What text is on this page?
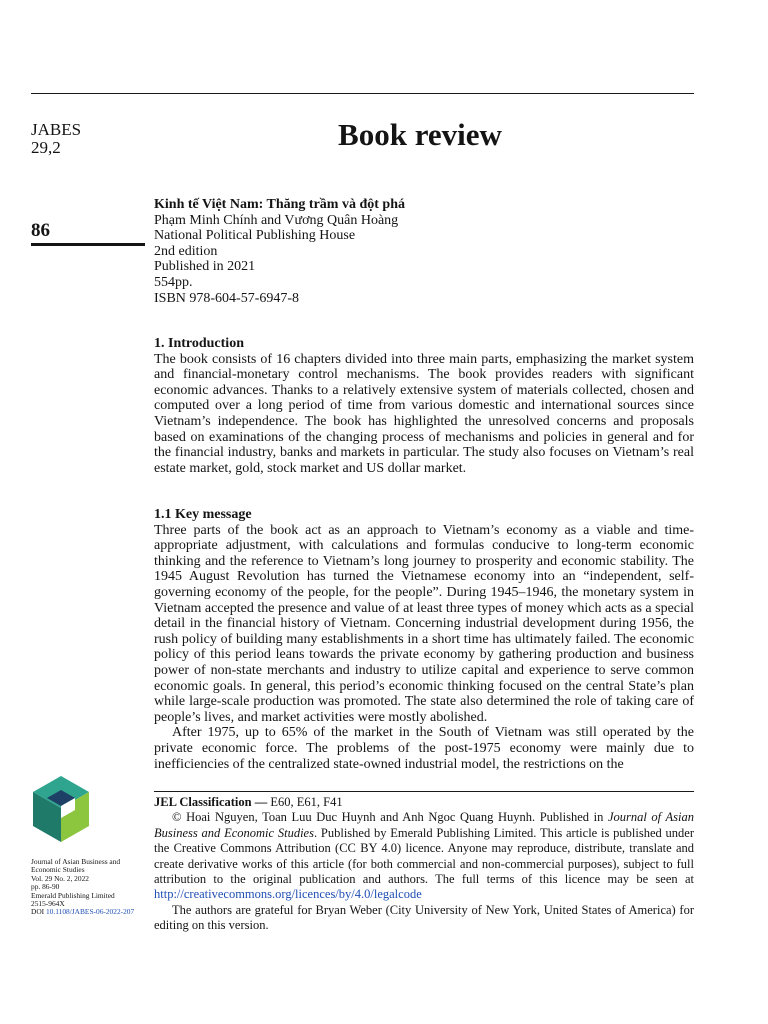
JABES
29,2	Book review
86
Kinh tế Việt Nam: Thăng trầm và đột phá
Phạm Minh Chính and Vương Quân Hoàng
National Political Publishing House
2nd edition
Published in 2021
554pp.
ISBN 978-604-57-6947-8

1. Introduction

The book consists of 16 chapters divided into three main parts, emphasizing the market system and financial-monetary control mechanisms. The book provides readers with significant economic advances. Thanks to a relatively extensive system of materials collected, chosen and computed over a long period of time from various domestic and international sources since Vietnam’s independence. The book has highlighted the unresolved concerns and proposals based on examinations of the changing process of mechanisms and policies in general and for the financial industry, banks and markets in particular. The study also focuses on Vietnam’s real estate market, gold, stock market and US dollar market.

1.1 Key message

Three parts of the book act as an approach to Vietnam’s economy as a viable and time-appropriate adjustment, with calculations and formulas conducive to long-term economic thinking and the reference to Vietnam’s long journey to prosperity and economic stability. The 1945 August Revolution has turned the Vietnamese economy into an “independent, self-governing economy of the people, for the people”. During 1945–1946, the monetary system in Vietnam accepted the presence and value of at least three types of money which acts as a special detail in the financial history of Vietnam. Concerning industrial development during 1956, the rush policy of building many establishments in a short time has ultimately failed. The economic policy of this period leans towards the private economy by gathering production and business power of non-state merchants and industry to utilize capital and experience to serve common economic goals. In general, this period’s economic thinking focused on the central State’s plan while large-scale production was promoted. The state also determined the role of taking care of people’s lives, and market activities were mostly abolished.

After 1975, up to 65% of the market in the South of Vietnam was still operated by the private economic force. The problems of the post-1975 economy were mainly due to inefficiencies of the centralized state-owned industrial model, the restrictions on the

JEL Classification — E60, E61, F41

© Hoai Nguyen, Toan Luu Duc Huynh and Anh Ngoc Quang Huynh. Published in Journal of Asian Business and Economic Studies. Published by Emerald Publishing Limited. This article is published under the Creative Commons Attribution (CC BY 4.0) licence. Anyone may reproduce, distribute, translate and create derivative works of this article (for both commercial and non-commercial purposes), subject to full attribution to the original publication and authors. The full terms of this licence may be seen at http://creativecommons.org/licences/by/4.0/legalcode

The authors are grateful for Bryan Weber (City University of New York, United States of America) for editing on this version.

Journal of Asian Business and
Economic Studies
Vol. 29 No. 2, 2022
pp. 86-90
Emerald Publishing Limited
2515-964X
DOI 10.1108/JABES-06-2022-207
